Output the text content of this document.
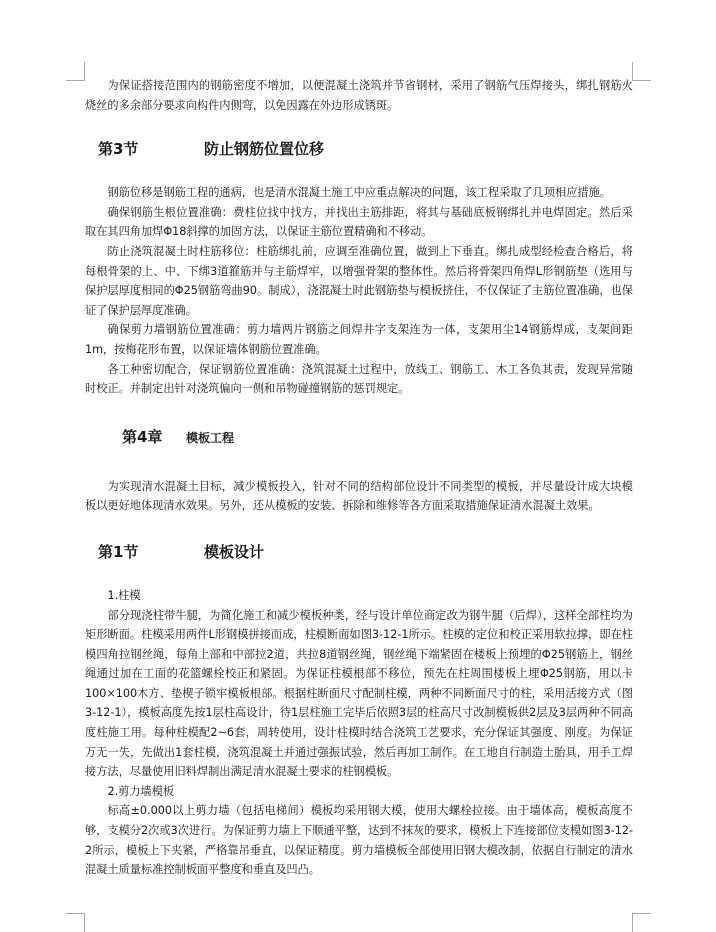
为保证搭接范围内的钢筋密度不增加，以便混凝土浇筑并节省钢材，采用了钢筋气压焊接头，绑扎钢筋火烧丝的多余部分要求向构件内侧弯，以免因露在外边形成锈斑。

第3节	防止钢筋位置位移

钢筋位移是钢筋工程的通病，也是清水混凝土施工中应重点解决的问题，该工程采取了几项相应措施。

确保钢筋生根位置准确：费柱位找中找方，并找出主筋排距，将其与基础底板钢绑扎并电焊固定。然后采取在其四角加焊Φ18斜撑的加固方法，以保证主筋位置精确和不移动。

防止浇筑混凝土时柱筋移位：柱筋绑扎前，应调至准确位置，做到上下垂直。绑扎成型经检查合格后，将每根骨架的上、中、下绑3道箍筋并与主筋焊牢，以增强骨架的整体性。然后将骨架四角焊L形钢筋垫（选用与保护层厚度相同的Φ25钢筋弯曲90。制成），浇混凝土时此钢筋垫与模板挤住，不仅保证了主筋位置准确，也保证了保护层厚度准确。

确保剪力墙钢筋位置准确：剪力墙两片钢筋之间焊井字支架连为一体，支架用尘14钢筋焊成，支架间距1m，按梅花形布置，以保证墙体钢筋位置准确。

各工种密切配合，保证钢筋位置准确：浇筑混凝土过程中，放线工、钢筋工、木工各负其责，发现异常随时校正。并制定出针对浇筑偏向一侧和吊物碰撞钢筋的惩罚规定。

第4章	模板工程

为实现清水混凝土目标，减少模板投入，针对不同的结构部位设计不同类型的模板，并尽量设计成大块模板以更好地体现清水效果。另外，还从模板的安装、拆除和维修等各方面采取措施保证清水混凝土效果。

第1节	模板设计

1.柱模

部分现浇柱带牛腿，为简化施工和减少模板种类，经与设计单位商定改为钢牛腿（后焊），这样全部柱均为矩形断面。柱模采用两件L形钢模拼接而成，柱模断面如图3-12-1所示。柱模的定位和校正采用软拉撑，即在柱模四角拉钢丝绳，每角上部和中部拉2道，共拉8道钢丝绳，钢丝绳下端紧固在楼板上预埋的Φ25钢筋上，钢丝绳通过加在工面的花篮螺栓校正和紧固。为保证柱模根部不移位，预先在柱周围楼板上埋Φ25钢筋，用以卡100×100木方、垫楔子锁牢模板根部。根据柱断面尺寸配制柱模，两种不同断面尺寸的柱，采用活接方式（图3-12-1），模板高度先按1层柱高设计，待1层柱施工完毕后依照3层的柱高尺寸改制模板供2层及3层两种不同高度柱施工用。每种柱模配2~6套，周转使用，设计柱模时结合浇筑工艺要求，充分保证其强度、刚度。为保证万无一失，先做出1套柱模，浇筑混凝土并通过强振试验，然后再加工制作。在工地自行制造土胎具，用手工焊接方法，尽量使用旧料焊制出满足清水混凝土要求的柱钢模板。

2.剪力墙模板

标高±0.000以上剪力墙（包括电梯间）模板均采用钢大模，使用大螺栓拉接。由于墙体高，模板高度不够，支模分2次或3次进行。为保证剪力墙上下顺通平整，达到不抹灰的要求，模板上下连接部位支模如图3-12-2所示，模板上下夹紧，严格靠吊垂直，以保证精度。剪力墙模板全部使用旧钢大模改制，依据自行制定的清水混凝土质量标准控制板面平整度和垂直及凹凸。
